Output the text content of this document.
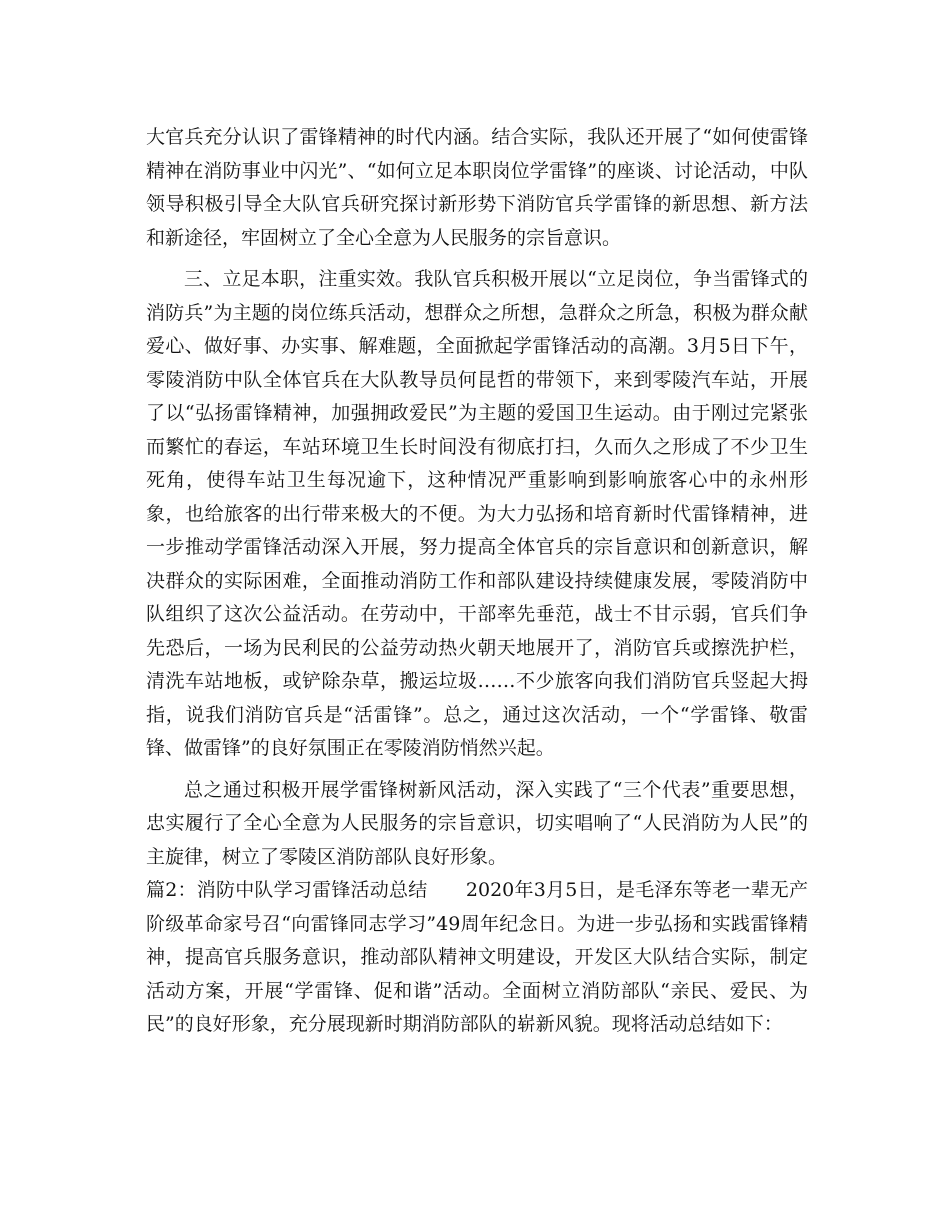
大官兵充分认识了雷锋精神的时代内涵。结合实际，我队还开展了“如何使雷锋精神在消防事业中闪光”、“如何立足本职岗位学雷锋”的座谈、讨论活动，中队领导积极引导全大队官兵研究探讨新形势下消防官兵学雷锋的新思想、新方法和新途径，牢固树立了全心全意为人民服务的宗旨意识。

三、立足本职，注重实效。我队官兵积极开展以“立足岗位，争当雷锋式的消防兵”为主题的岗位练兵活动，想群众之所想，急群众之所急，积极为群众献爱心、做好事、办实事、解难题，全面掀起学雷锋活动的高潮。3月5日下午，零陵消防中队全体官兵在大队教导员何昆哲的带领下，来到零陵汽车站，开展了以“弘扬雷锋精神，加强拥政爱民”为主题的爱国卫生运动。由于刚过完紧张而繁忙的春运，车站环境卫生长时间没有彻底打扫，久而久之形成了不少卫生死角，使得车站卫生每况逾下，这种情况严重影响到影响旅客心中的永州形象，也给旅客的出行带来极大的不便。为大力弘扬和培育新时代雷锋精神，进一步推动学雷锋活动深入开展，努力提高全体官兵的宗旨意识和创新意识，解决群众的实际困难，全面推动消防工作和部队建设持续健康发展，零陵消防中队组织了这次公益活动。在劳动中，干部率先垂范，战士不甘示弱，官兵们争先恐后，一场为民利民的公益劳动热火朝天地展开了，消防官兵或擦洗护栏，清洗车站地板，或铲除杂草，搬运垃圾……不少旅客向我们消防官兵竖起大拇指，说我们消防官兵是“活雷锋”。总之，通过这次活动，一个“学雷锋、敬雷锋、做雷锋”的良好氛围正在零陵消防悄然兴起。

总之通过积极开展学雷锋树新风活动，深入实践了“三个代表”重要思想，忠实履行了全心全意为人民服务的宗旨意识，切实唱响了“人民消防为人民”的主旋律，树立了零陵区消防部队良好形象。

篇2：消防中队学习雷锋活动总结　　2020年3月5日，是毛泽东等老一辈无产阶级革命家号召“向雷锋同志学习”49周年纪念日。为进一步弘扬和实践雷锋精神，提高官兵服务意识，推动部队精神文明建设，开发区大队结合实际，制定活动方案，开展“学雷锋、促和谐”活动。全面树立消防部队“亲民、爱民、为民”的良好形象，充分展现新时期消防部队的崭新风貌。现将活动总结如下：
